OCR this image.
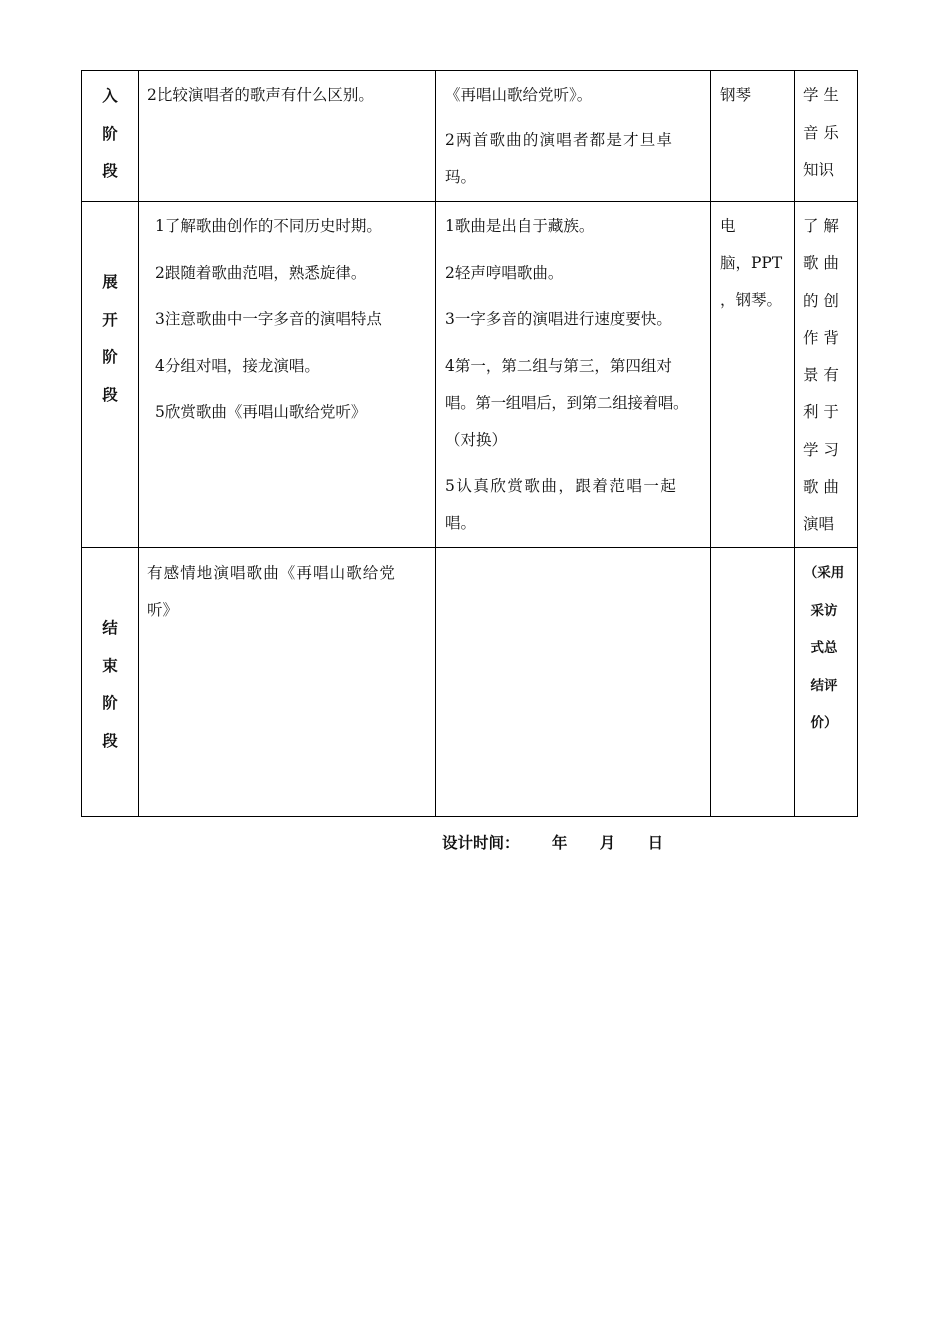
入
阶
段
2比较演唱者的歌声有什么区别。	《再唱山歌给党听》。
2两首歌曲的演唱者都是才旦卓
玛。
钢琴	学 生
音 乐
知识
展
开
阶
段
1了解歌曲创作的不同历史时期。
2跟随着歌曲范唱，熟悉旋律。
3注意歌曲中一字多音的演唱特点
4分组对唱，接龙演唱。
5欣赏歌曲《再唱山歌给党听》
1歌曲是出自于藏族。
2轻声哼唱歌曲。
3一字多音的演唱进行速度要快。
4第一，第二组与第三，第四组对
唱。第一组唱后，到第二组接着唱。
（对换）
5认真欣赏歌曲，跟着范唱一起
唱。
电
脑，PPT
，钢琴。
了 解
歌 曲
的 创
作 背
景 有
利 于
学 习
歌 曲
演唱
结
束
阶
段
有感情地演唱歌曲《再唱山歌给党
听》
（采用
采访
式总
结评
价）
设计时间：      年      月      日
